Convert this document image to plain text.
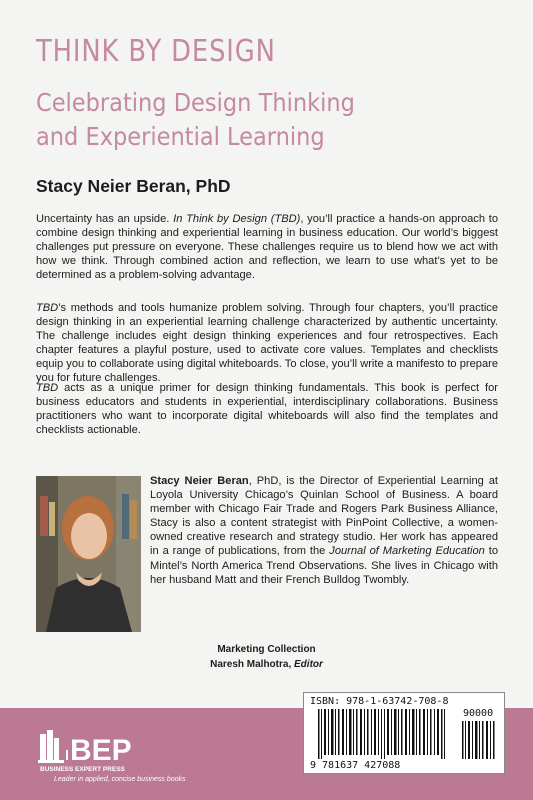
THINK BY DESIGN
Celebrating Design Thinking
and Experiential Learning
Stacy Neier Beran, PhD

Uncertainty has an upside. In Think by Design (TBD), you’ll practice a hands-on approach to combine design thinking and experiential learning in business education. Our world’s biggest challenges put pressure on everyone. These challenges require us to blend how we act with how we think. Through combined action and reflection, we learn to use what’s yet to be determined as a problem-solving advantage.

TBD’s methods and tools humanize problem solving. Through four chapters, you’ll practice design thinking in an experiential learning challenge characterized by authentic uncertainty. The challenge includes eight design thinking experiences and four retrospectives. Each chapter features a playful posture, used to activate core values. Templates and checklists equip you to collaborate using digital whiteboards. To close, you’ll write a manifesto to prepare you for future challenges.

TBD acts as a unique primer for design thinking fundamentals. This book is perfect for business educators and students in experiential, interdisciplinary collaborations. Business practitioners who want to incorporate digital whiteboards will also find the templates and checklists actionable.

Stacy Neier Beran, PhD, is the Director of Experiential Learning at Loyola University Chicago’s Quinlan School of Business. A board member with Chicago Fair Trade and Rogers Park Business Alliance, Stacy is also a content strategist with PinPoint Collective, a women-owned creative research and strategy studio. Her work has appeared in a range of publications, from the Journal of Marketing Education to Mintel’s North America Trend Observations. She lives in Chicago with her husband Matt and their French Bulldog Twombly.

Marketing Collection
Naresh Malhotra, Editor
BEP
BUSINESS EXPERT PRESS
Leader in applied, concise business books
ISBN: 978-1-63742-708-8
90000
9 781637 427088
